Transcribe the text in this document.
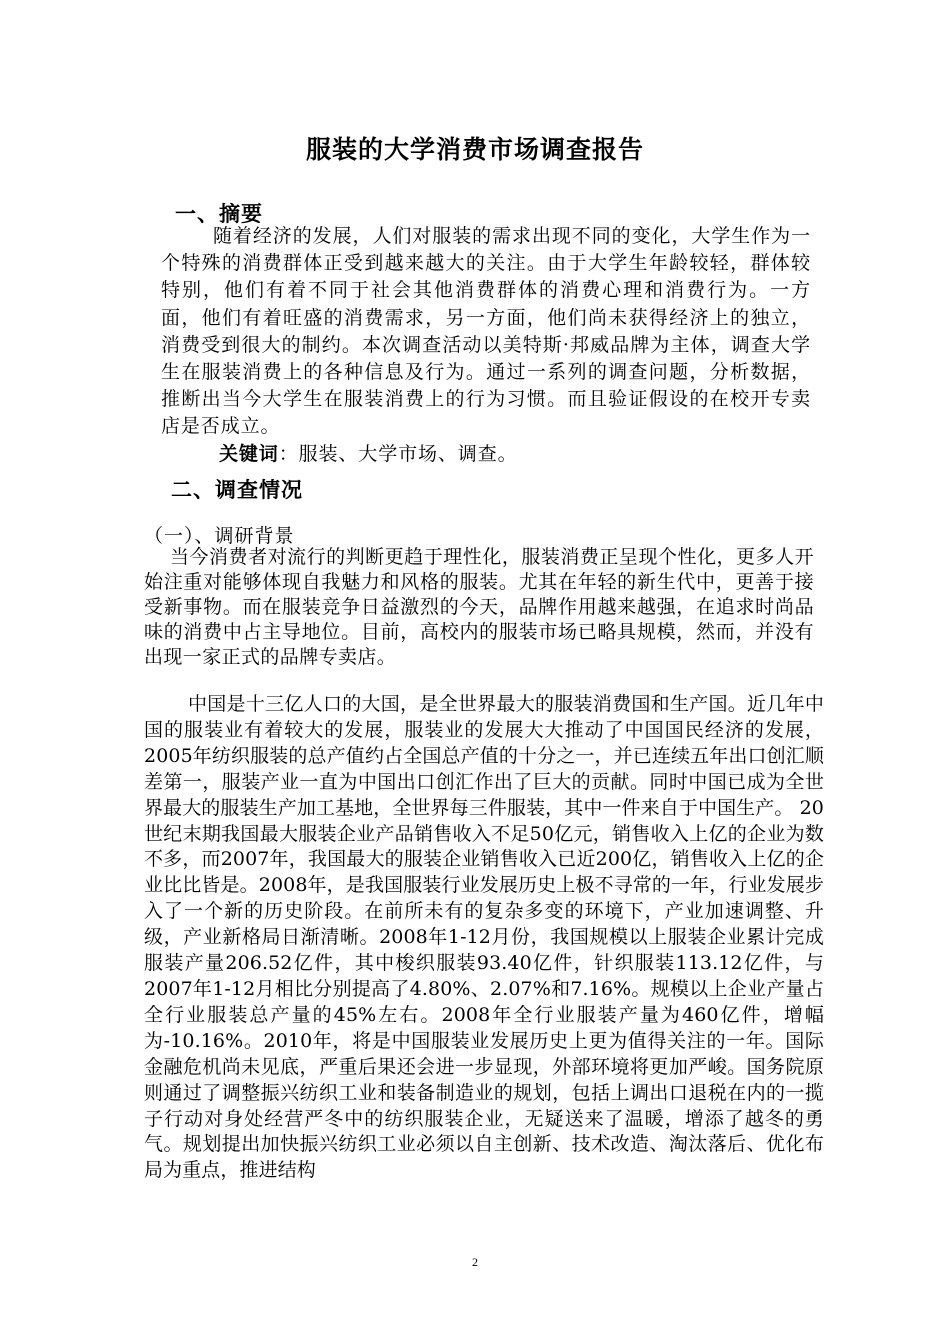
服装的大学消费市场调查报告
一、摘要

随着经济的发展，人们对服装的需求出现不同的变化，大学生作为一个特殊的消费群体正受到越来越大的关注。由于大学生年龄较轻，群体较特别，他们有着不同于社会其他消费群体的消费心理和消费行为。一方面，他们有着旺盛的消费需求，另一方面，他们尚未获得经济上的独立，消费受到很大的制约。本次调查活动以美特斯·邦威品牌为主体，调查大学生在服装消费上的各种信息及行为。通过一系列的调查问题，分析数据，推断出当今大学生在服装消费上的行为习惯。而且验证假设的在校开专卖店是否成立。

关键词：服装、大学市场、调查。

二、调查情况
（一）、调研背景

当今消费者对流行的判断更趋于理性化，服装消费正呈现个性化，更多人开始注重对能够体现自我魅力和风格的服装。尤其在年轻的新生代中，更善于接受新事物。而在服装竞争日益激烈的今天，品牌作用越来越强，在追求时尚品味的消费中占主导地位。目前，高校内的服装市场已略具规模，然而，并没有出现一家正式的品牌专卖店。

中国是十三亿人口的大国，是全世界最大的服装消费国和生产国。近几年中国的服装业有着较大的发展，服装业的发展大大推动了中国国民经济的发展，2005年纺织服装的总产值约占全国总产值的十分之一，并已连续五年出口创汇顺差第一，服装产业一直为中国出口创汇作出了巨大的贡献。同时中国已成为全世界最大的服装生产加工基地，全世界每三件服装，其中一件来自于中国生产。 20世纪末期我国最大服装企业产品销售收入不足50亿元，销售收入上亿的企业为数不多，而2007年，我国最大的服装企业销售收入已近200亿，销售收入上亿的企业比比皆是。2008年，是我国服装行业发展历史上极不寻常的一年，行业发展步入了一个新的历史阶段。在前所未有的复杂多变的环境下，产业加速调整、升级，产业新格局日渐清晰。2008年1-12月份，我国规模以上服装企业累计完成服装产量206.52亿件，其中梭织服装93.40亿件，针织服装113.12亿件，与2007年1-12月相比分别提高了4.80%、2.07%和7.16%。规模以上企业产量占全行业服装总产量的45%左右。2008年全行业服装产量为460亿件，增幅为-10.16%。2010年，将是中国服装业发展历史上更为值得关注的一年。国际金融危机尚未见底，严重后果还会进一步显现，外部环境将更加严峻。国务院原则通过了调整振兴纺织工业和装备制造业的规划，包括上调出口退税在内的一揽子行动对身处经营严冬中的纺织服装企业，无疑送来了温暖，增添了越冬的勇气。规划提出加快振兴纺织工业必须以自主创新、技术改造、淘汰落后、优化布局为重点，推进结构

2
